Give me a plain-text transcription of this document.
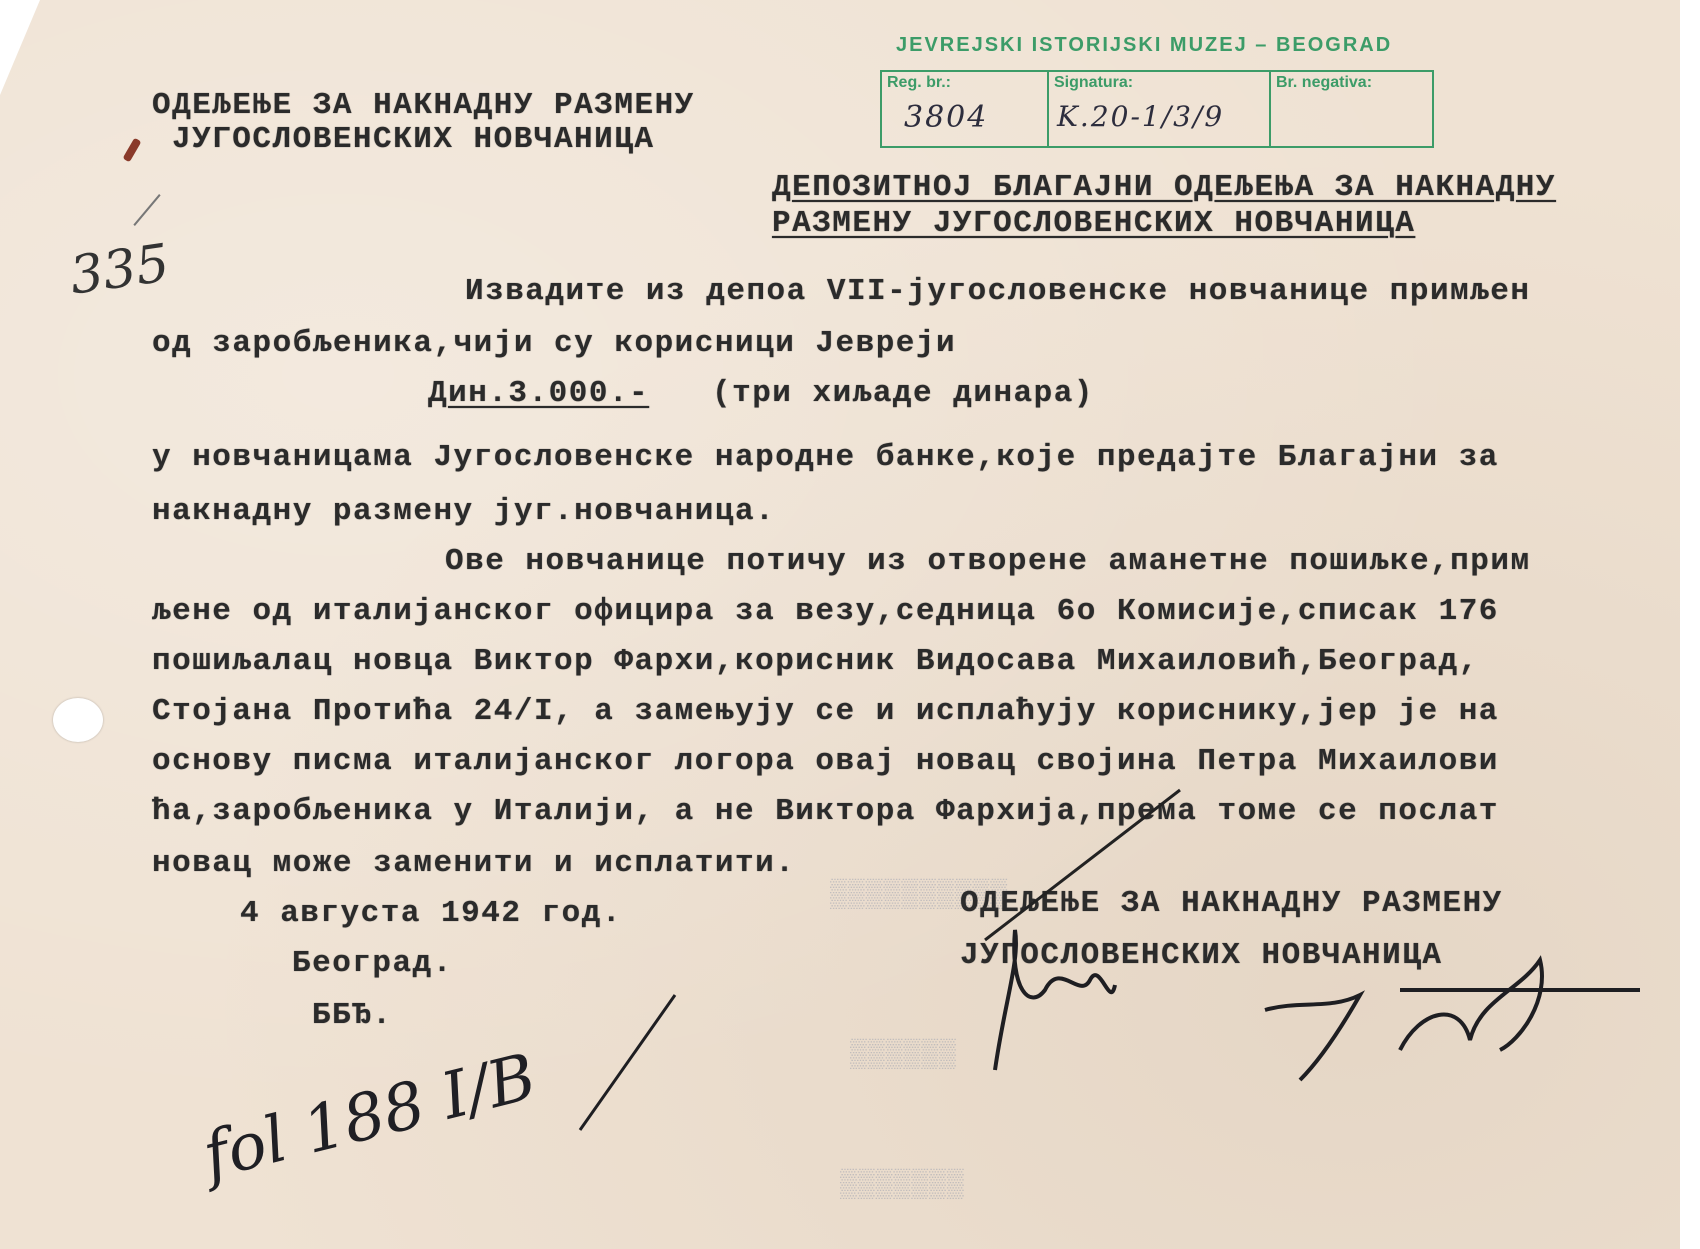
ОДЕЉЕЊЕ ЗА НАКНАДНУ РАЗМЕНУ
ЈУГОСЛОВЕНСКИХ НОВЧАНИЦА
JEVREJSKI ISTORIJSKI MUZEJ – BEOGRAD
Reg. br.:
3804
Signatura:
K.20-1/3/9
Br. negativa:
335
ДЕПОЗИТНОЈ БЛАГАЈНИ ОДЕЉЕЊА ЗА НАКНАДНУ
РАЗМЕНУ ЈУГОСЛОВЕНСКИХ НОВЧАНИЦА
Извадите из депоа VII-југословенске новчанице примљен
од заробљеника,чији су корисници Јевреји
Дин.3.000.- (три хиљаде динара)
у новчаницама Југословенске народне банке,које предајте Благајни за
накнадну размену југ.новчаница.
Ове новчанице потичу из отворене аманетне пошиљке,прим
љене од италијанског официра за везу,седница 6о Комисије,списак 176
пошиљалац новца Виктор Фархи,корисник Видосава Михаиловић,Београд,
Стојана Протића 24/I, а замењују се и исплаћују кориснику,јер је на
основу писма италијанског логора овај новац својина Петра Михаилови
ћа,заробљеника у Италији, а не Виктора Фархија,према томе се послат
новац може заменити и исплатити.
▒▒▒▒▒▒▒▒▒▒
▒▒▒▒▒▒
▒▒▒▒▒▒▒
4 августа 1942 год.
Београд.
ББЂ.
ОДЕЉЕЊЕ ЗА НАКНАДНУ РАЗМЕНУ
ЈУГОСЛОВЕНСКИХ НОВЧАНИЦА
fol 188 I/B
